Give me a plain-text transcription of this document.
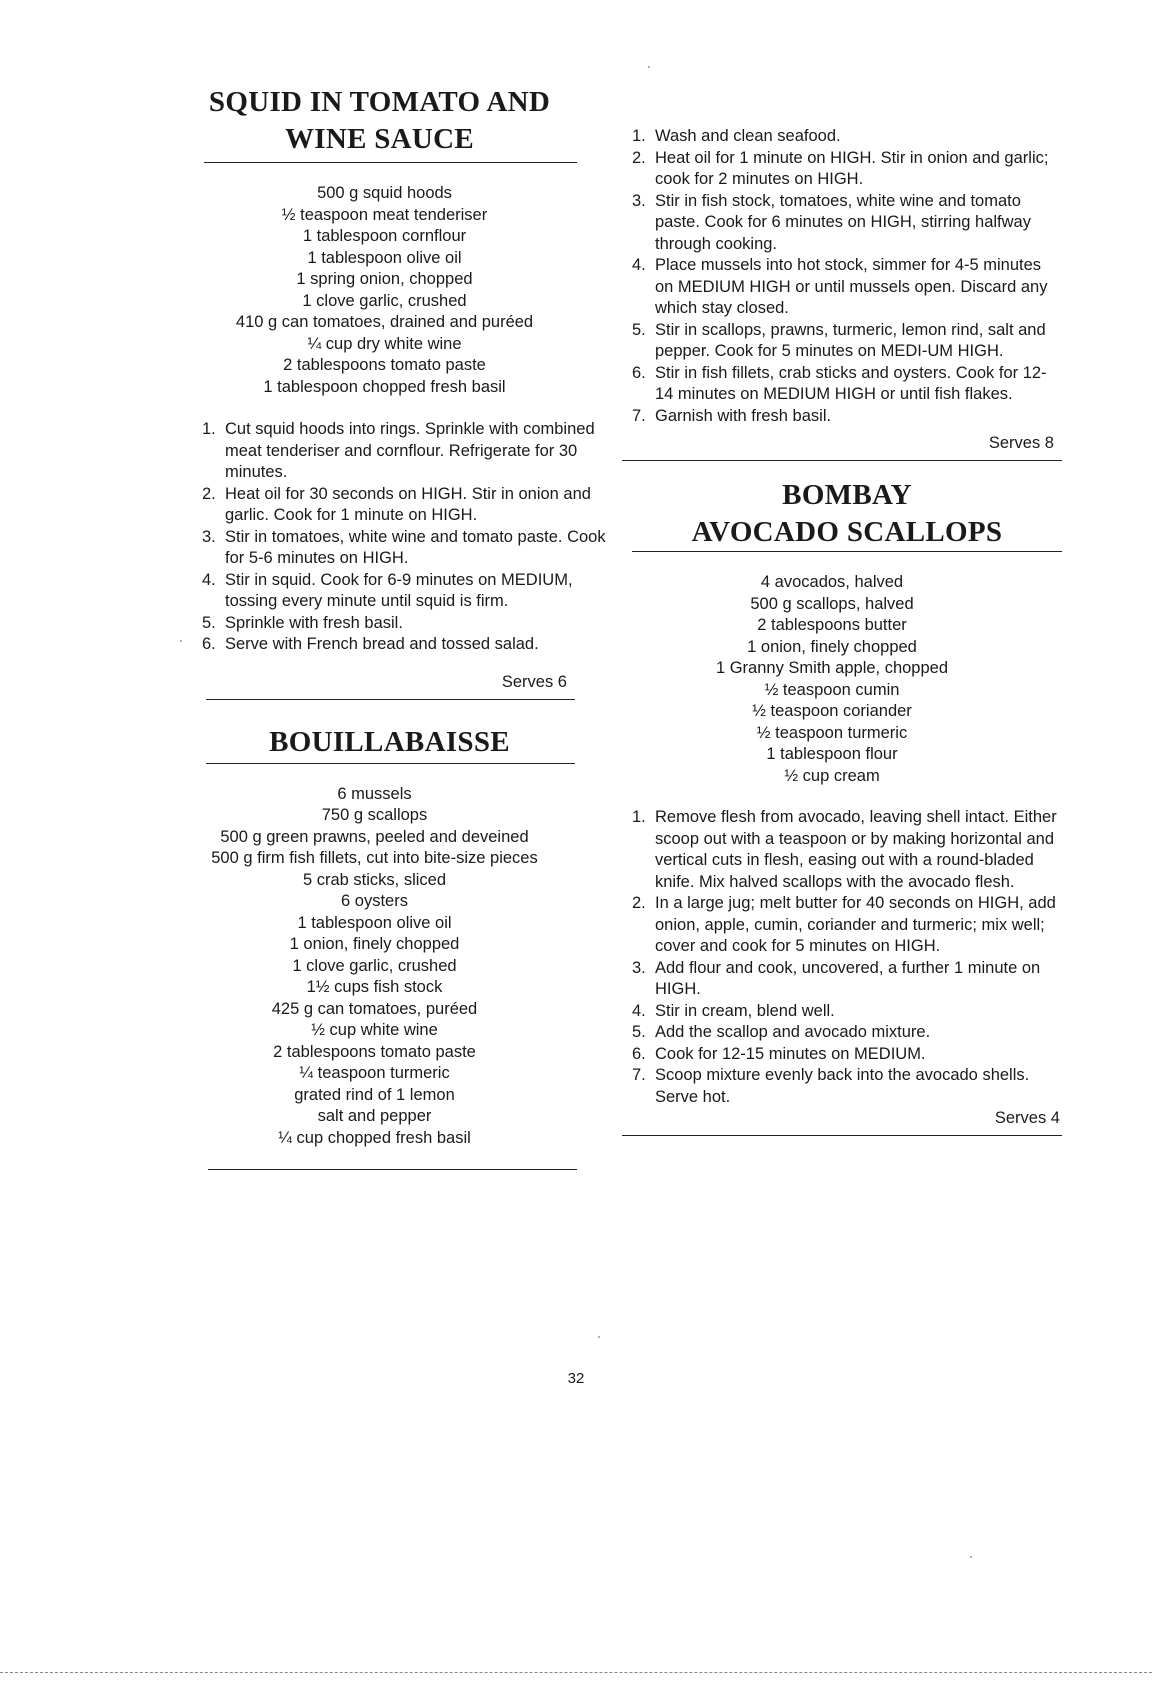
SQUID IN TOMATO AND
WINE SAUCE
500 g squid hoods
½ teaspoon meat tenderiser
1 tablespoon cornflour
1 tablespoon olive oil
1 spring onion, chopped
1 clove garlic, crushed
410 g can tomatoes, drained and puréed
¼ cup dry white wine
2 tablespoons tomato paste
1 tablespoon chopped fresh basil
1. Cut squid hoods into rings. Sprinkle with combined meat tenderiser and cornflour. Refrigerate for 30 minutes.
2. Heat oil for 30 seconds on HIGH. Stir in onion and garlic. Cook for 1 minute on HIGH.
3. Stir in tomatoes, white wine and tomato paste. Cook for 5-6 minutes on HIGH.
4. Stir in squid. Cook for 6-9 minutes on MEDIUM, tossing every minute until squid is firm.
5. Sprinkle with fresh basil.
6. Serve with French bread and tossed salad.
Serves 6
BOUILLABAISSE
6 mussels
750 g scallops
500 g green prawns, peeled and deveined
500 g firm fish fillets, cut into bite-size pieces
5 crab sticks, sliced
6 oysters
1 tablespoon olive oil
1 onion, finely chopped
1 clove garlic, crushed
1½ cups fish stock
425 g can tomatoes, puréed
½ cup white wine
2 tablespoons tomato paste
¼ teaspoon turmeric
grated rind of 1 lemon
salt and pepper
¼ cup chopped fresh basil
1. Wash and clean seafood.
2. Heat oil for 1 minute on HIGH. Stir in onion and garlic; cook for 2 minutes on HIGH.
3. Stir in fish stock, tomatoes, white wine and tomato paste. Cook for 6 minutes on HIGH, stirring halfway through cooking.
4. Place mussels into hot stock, simmer for 4-5 minutes on MEDIUM HIGH or until mussels open. Discard any which stay closed.
5. Stir in scallops, prawns, turmeric, lemon rind, salt and pepper. Cook for 5 minutes on MEDI-UM HIGH.
6. Stir in fish fillets, crab sticks and oysters. Cook for 12-14 minutes on MEDIUM HIGH or until fish flakes.
7. Garnish with fresh basil.
Serves 8
BOMBAY
AVOCADO SCALLOPS
4 avocados, halved
500 g scallops, halved
2 tablespoons butter
1 onion, finely chopped
1 Granny Smith apple, chopped
½ teaspoon cumin
½ teaspoon coriander
½ teaspoon turmeric
1 tablespoon flour
½ cup cream
1. Remove flesh from avocado, leaving shell intact. Either scoop out with a teaspoon or by making horizontal and vertical cuts in flesh, easing out with a round-bladed knife. Mix halved scallops with the avocado flesh.
2. In a large jug; melt butter for 40 seconds on HIGH, add onion, apple, cumin, coriander and turmeric; mix well; cover and cook for 5 minutes on HIGH.
3. Add flour and cook, uncovered, a further 1 minute on HIGH.
4. Stir in cream, blend well.
5. Add the scallop and avocado mixture.
6. Cook for 12-15 minutes on MEDIUM.
7. Scoop mixture evenly back into the avocado shells. Serve hot.
Serves 4
32
